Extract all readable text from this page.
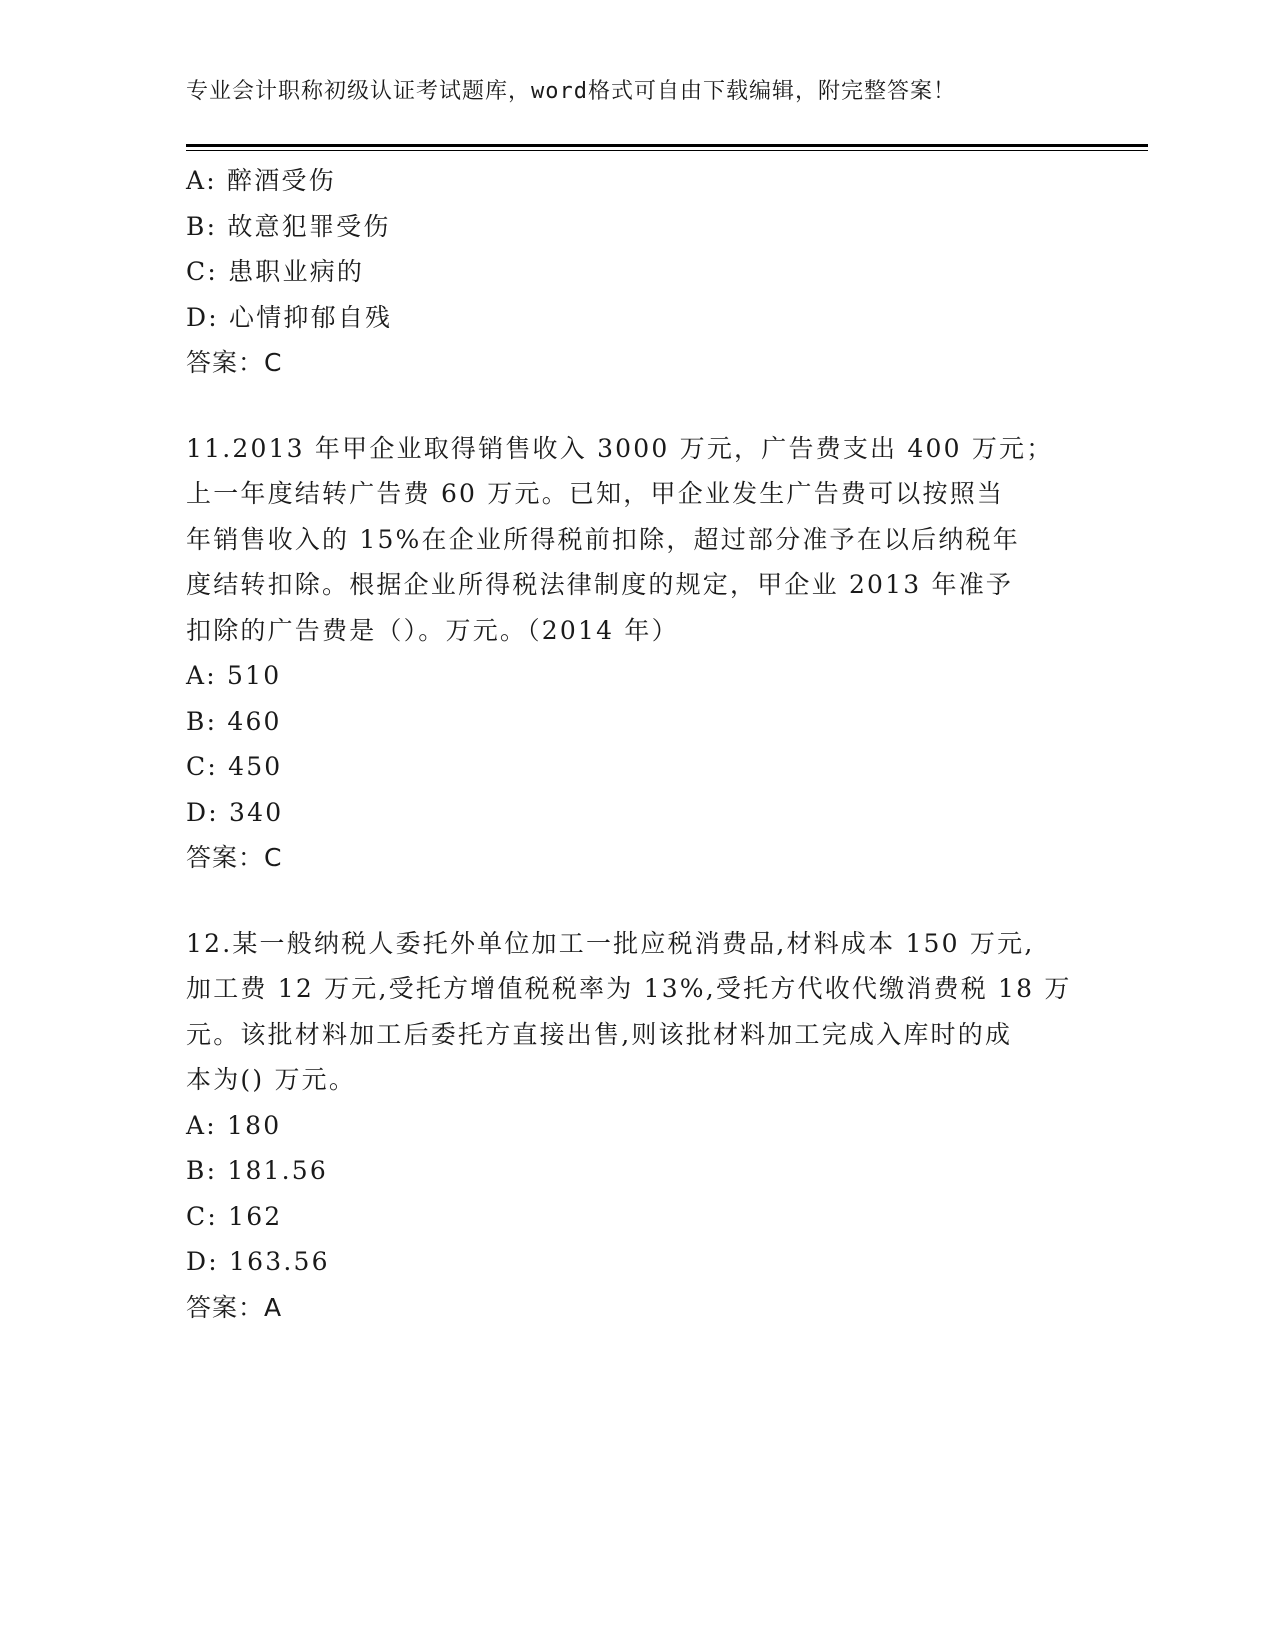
专业会计职称初级认证考试题库，word格式可自由下载编辑，附完整答案！
A: 醉酒受伤
B: 故意犯罪受伤
C: 患职业病的
D: 心情抑郁自残
答案：C
11.2013 年甲企业取得销售收入 3000 万元，广告费支出 400 万元；
上一年度结转广告费 60 万元。已知，甲企业发生广告费可以按照当
年销售收入的 15%在企业所得税前扣除，超过部分准予在以后纳税年
度结转扣除。根据企业所得税法律制度的规定，甲企业 2013 年准予
扣除的广告费是（）。万元。（2014 年）
A: 510
B: 460
C: 450
D: 340
答案：C
12.某一般纳税人委托外单位加工一批应税消费品,材料成本 150 万元,
加工费 12 万元,受托方增值税税率为 13%,受托方代收代缴消费税 18 万
元。该批材料加工后委托方直接出售,则该批材料加工完成入库时的成
本为() 万元。
A: 180
B: 181.56
C: 162
D: 163.56
答案：A
